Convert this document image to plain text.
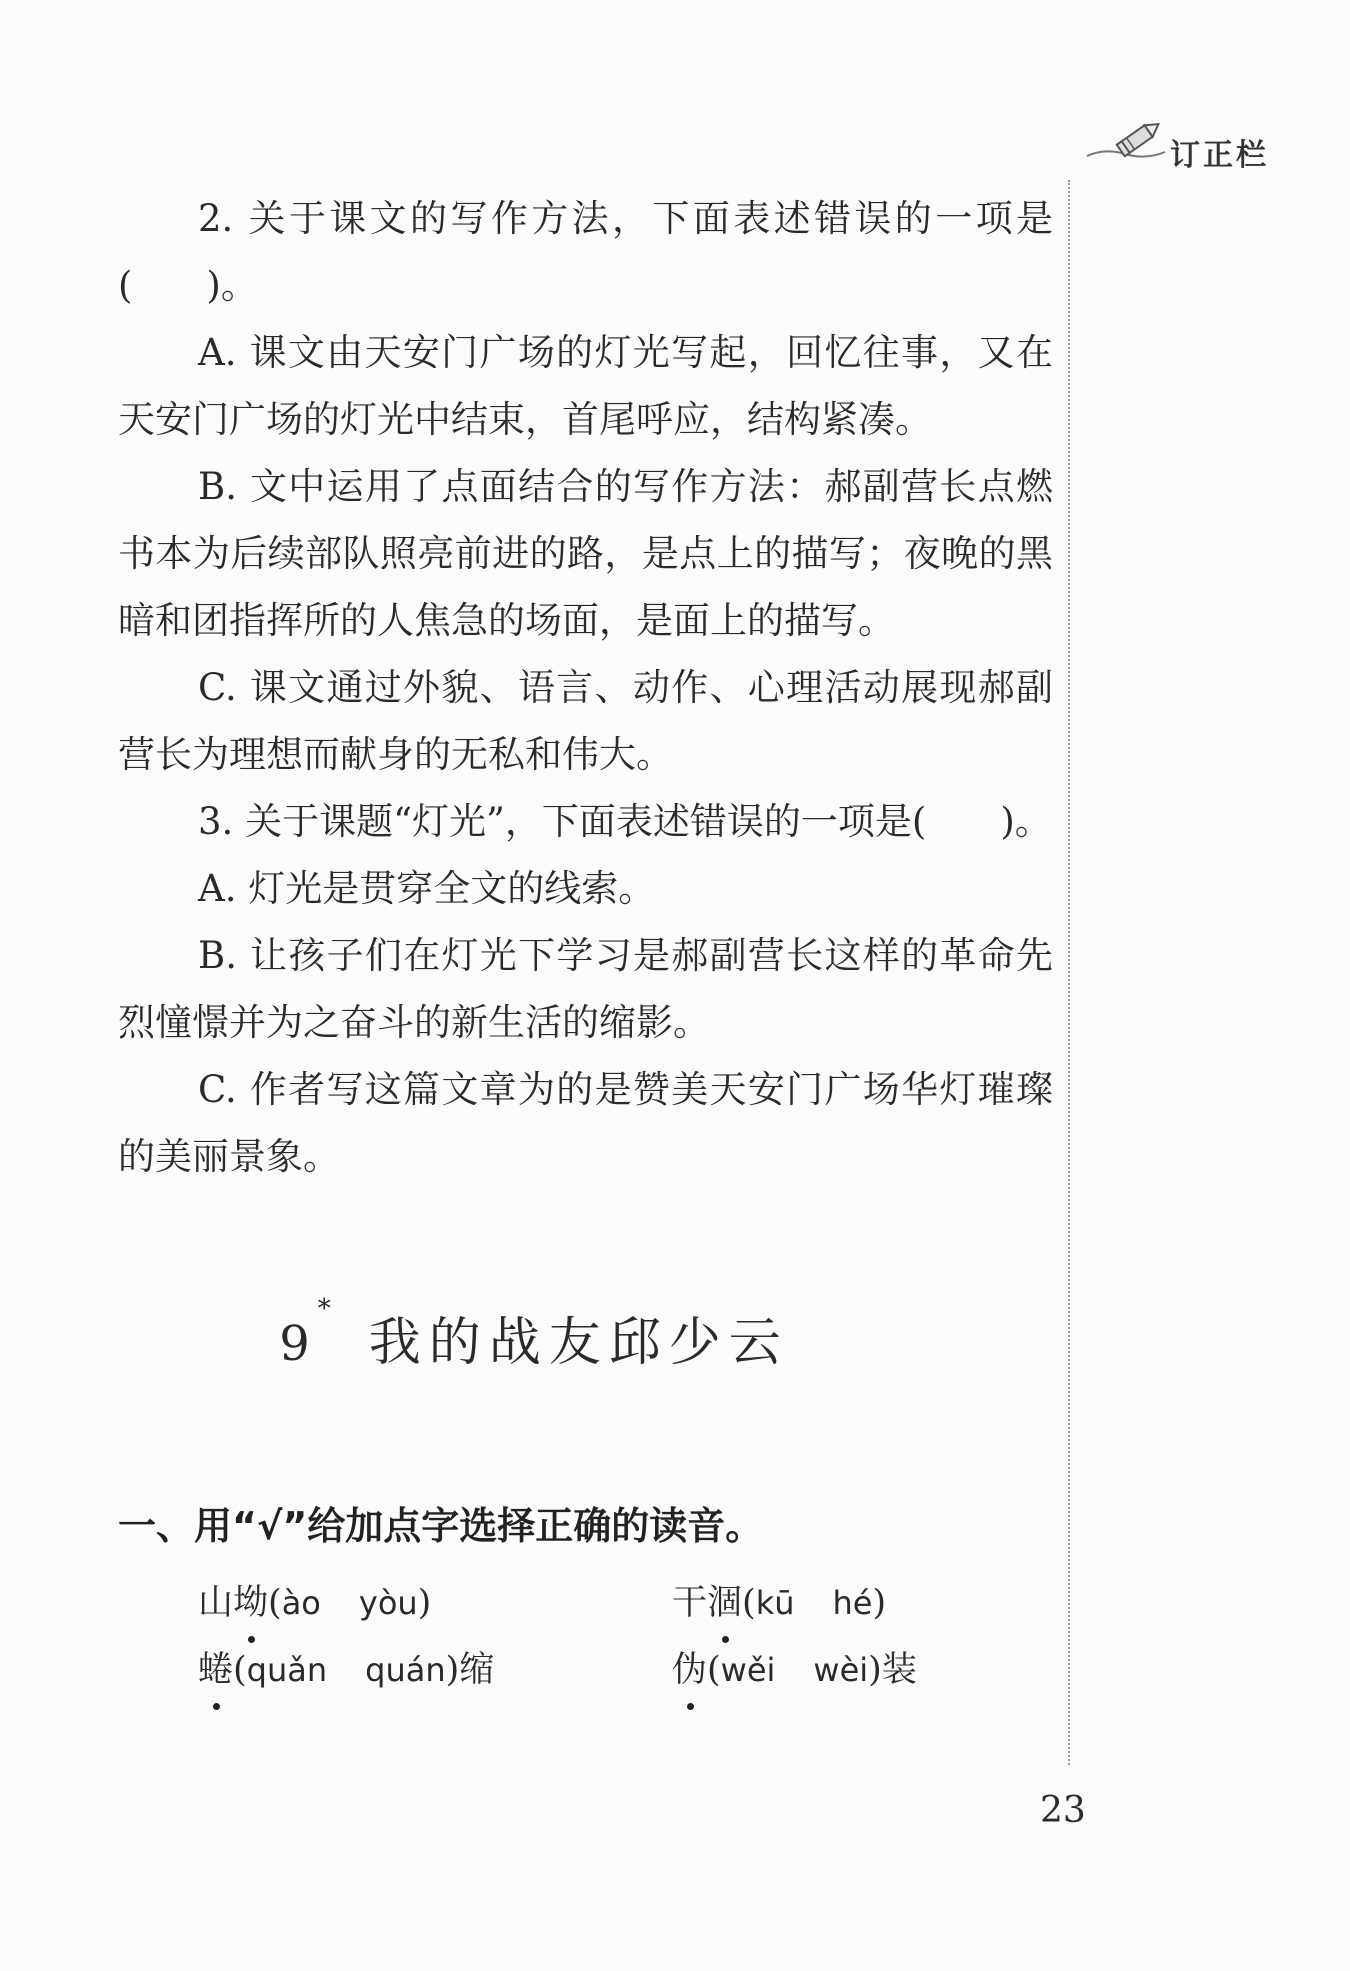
订正栏

2. 关于课文的写作方法，下面表述错误的一项是(　　)。

A. 课文由天安门广场的灯光写起，回忆往事，又在天安门广场的灯光中结束，首尾呼应，结构紧凑。

B. 文中运用了点面结合的写作方法：郝副营长点燃书本为后续部队照亮前进的路，是点上的描写；夜晚的黑暗和团指挥所的人焦急的场面，是面上的描写。

C. 课文通过外貌、语言、动作、心理活动展现郝副营长为理想而献身的无私和伟大。

3. 关于课题“灯光”，下面表述错误的一项是(　　)。

A. 灯光是贯穿全文的线索。

B. 让孩子们在灯光下学习是郝副营长这样的革命先烈憧憬并为之奋斗的新生活的缩影。

C. 作者写这篇文章为的是赞美天安门广场华灯璀璨的美丽景象。

9*我的战友邱少云
一、用“√”给加点字选择正确的读音。
山坳(ào yòu)	干涸(kū hé)
蜷(quǎn quán)缩	伪(wěi wèi)装
23
